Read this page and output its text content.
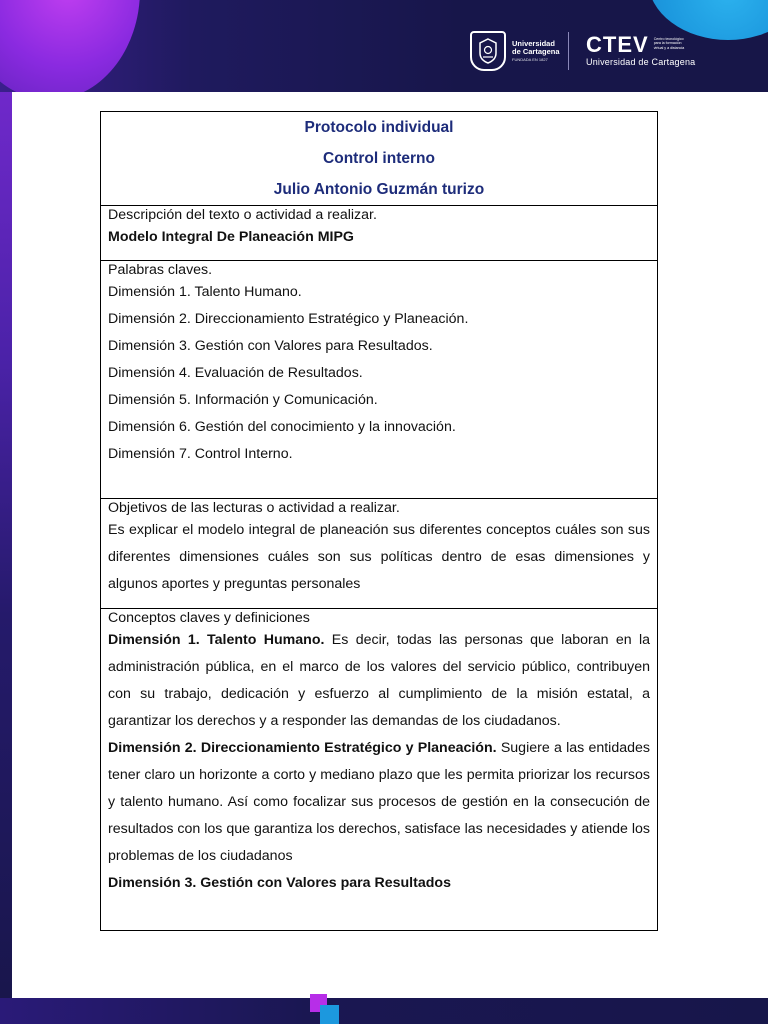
Universidad
de Cartagena
FUNDADA EN 1827
CTEV Centro tecnológico para la formación virtual y a distancia
Universidad de Cartagena
Protocolo individual
Control interno
Julio Antonio Guzmán turizo

Descripción del texto o actividad a realizar.
Modelo Integral De Planeación MIPG

Palabras claves.
Dimensión 1. Talento Humano.
Dimensión 2. Direccionamiento Estratégico y Planeación.
Dimensión 3. Gestión con Valores para Resultados.
Dimensión 4. Evaluación de Resultados.
Dimensión 5. Información y Comunicación.
Dimensión 6. Gestión del conocimiento y la innovación.
Dimensión 7. Control Interno.

Objetivos de las lecturas o actividad a realizar.
Es explicar el modelo integral de planeación sus diferentes conceptos cuáles son sus diferentes dimensiones cuáles son sus políticas dentro de esas dimensiones y algunos aportes y preguntas personales

Conceptos claves y definiciones

Dimensión 1. Talento Humano. Es decir, todas las personas que laboran en la administración pública, en el marco de los valores del servicio público, contribuyen con su trabajo, dedicación y esfuerzo al cumplimiento de la misión estatal, a garantizar los derechos y a responder las demandas de los ciudadanos.

Dimensión 2. Direccionamiento Estratégico y Planeación. Sugiere a las entidades tener claro un horizonte a corto y mediano plazo que les permita priorizar los recursos y talento humano. Así como focalizar sus procesos de gestión en la consecución de resultados con los que garantiza los derechos, satisface las necesidades y atiende los problemas de los ciudadanos

Dimensión 3. Gestión con Valores para Resultados
